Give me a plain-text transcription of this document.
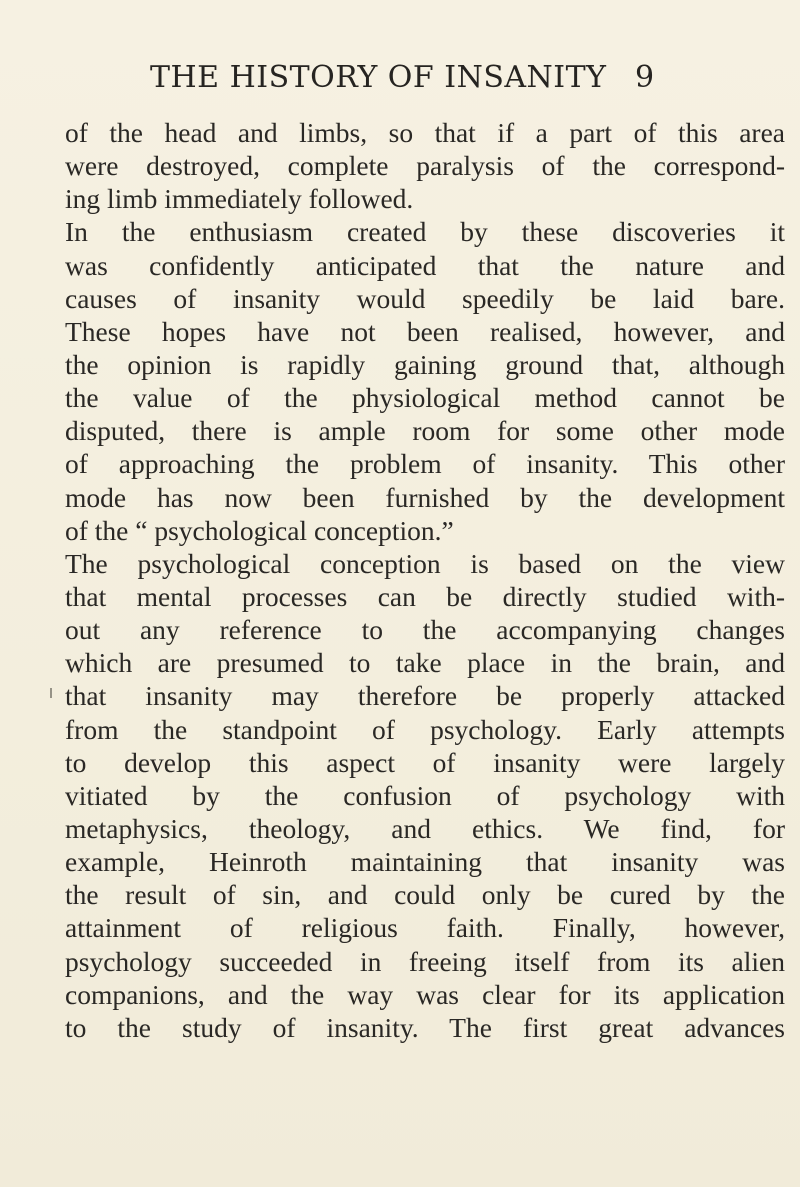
THE HISTORY OF INSANITY 9
of the head and limbs, so that if a part of this area
were destroyed, complete paralysis of the correspond-
ing limb immediately followed.
In the enthusiasm created by these discoveries it
was confidently anticipated that the nature and
causes of insanity would speedily be laid bare.
These hopes have not been realised, however, and
the opinion is rapidly gaining ground that, although
the value of the physiological method cannot be
disputed, there is ample room for some other mode
of approaching the problem of insanity. This other
mode has now been furnished by the development
of the “ psychological conception.”
The psychological conception is based on the view
that mental processes can be directly studied with-
out any reference to the accompanying changes
which are presumed to take place in the brain, and
that insanity may therefore be properly attacked
from the standpoint of psychology. Early attempts
to develop this aspect of insanity were largely
vitiated by the confusion of psychology with
metaphysics, theology, and ethics. We find, for
example, Heinroth maintaining that insanity was
the result of sin, and could only be cured by the
attainment of religious faith. Finally, however,
psychology succeeded in freeing itself from its alien
companions, and the way was clear for its application
to the study of insanity. The first great advances
